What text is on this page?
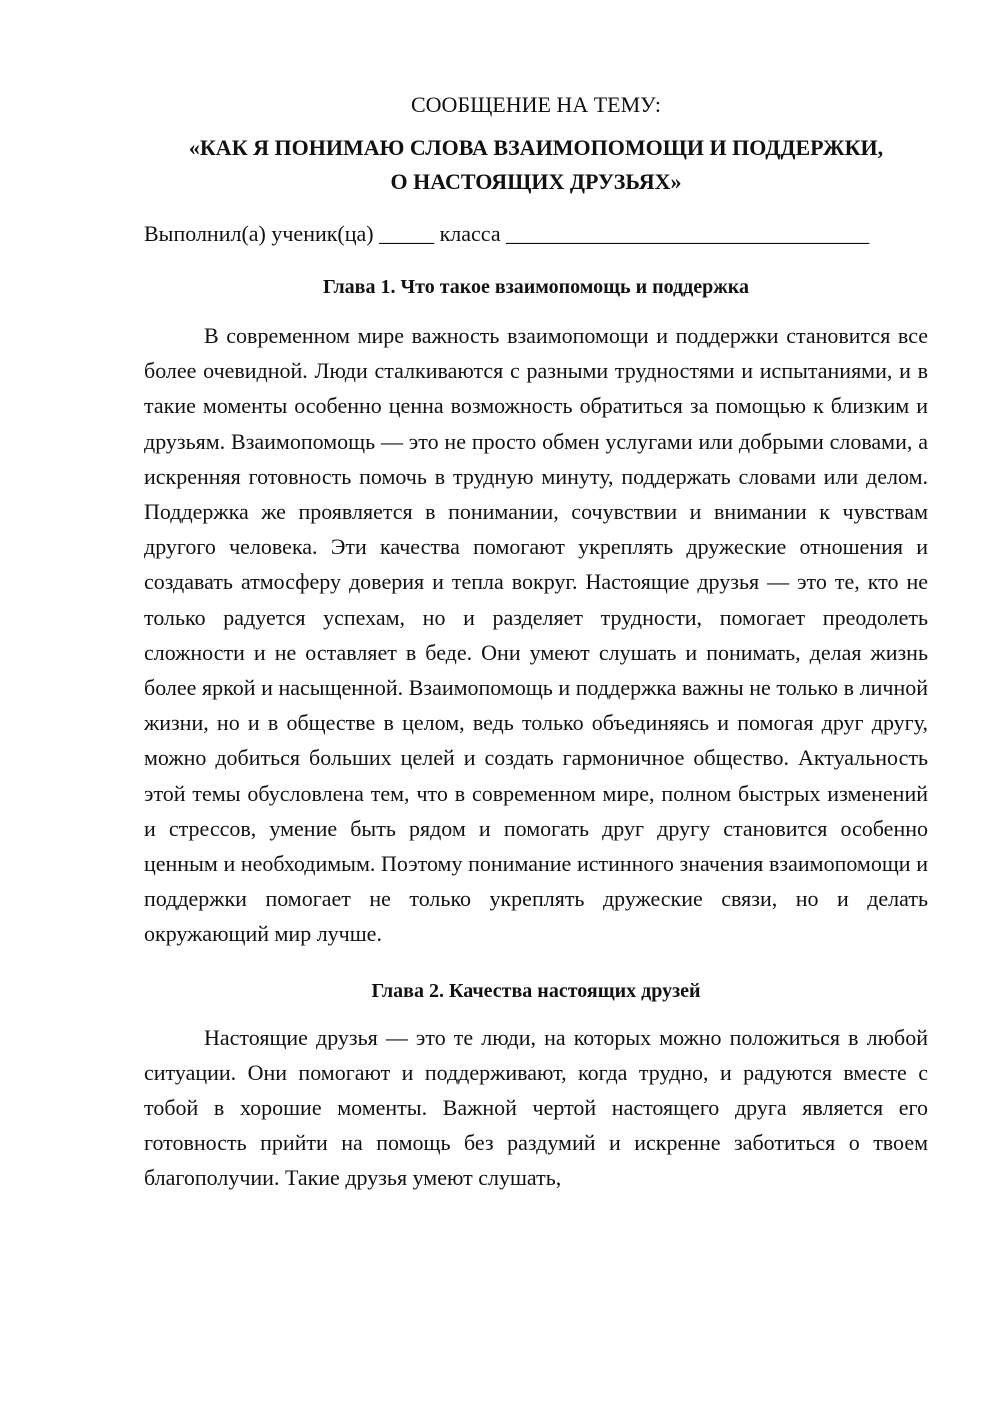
СООБЩЕНИЕ НА ТЕМУ:
«КАК Я ПОНИМАЮ СЛОВА ВЗАИМОПОМОЩИ И ПОДДЕРЖКИ,
О НАСТОЯЩИХ ДРУЗЬЯХ»
Выполнил(а) ученик(ца) _____ класса _________________________________
Глава 1. Что такое взаимопомощь и поддержка

В современном мире важность взаимопомощи и поддержки становится все более очевидной. Люди сталкиваются с разными трудностями и испытаниями, и в такие моменты особенно ценна возможность обратиться за помощью к близким и друзьям. Взаимопомощь — это не просто обмен услугами или добрыми словами, а искренняя готовность помочь в трудную минуту, поддержать словами или делом. Поддержка же проявляется в понимании, сочувствии и внимании к чувствам другого человека. Эти качества помогают укреплять дружеские отношения и создавать атмосферу доверия и тепла вокруг. Настоящие друзья — это те, кто не только радуется успехам, но и разделяет трудности, помогает преодолеть сложности и не оставляет в беде. Они умеют слушать и понимать, делая жизнь более яркой и насыщенной. Взаимопомощь и поддержка важны не только в личной жизни, но и в обществе в целом, ведь только объединяясь и помогая друг другу, можно добиться больших целей и создать гармоничное общество. Актуальность этой темы обусловлена тем, что в современном мире, полном быстрых изменений и стрессов, умение быть рядом и помогать друг другу становится особенно ценным и необходимым. Поэтому понимание истинного значения взаимопомощи и поддержки помогает не только укреплять дружеские связи, но и делать окружающий мир лучше.

Глава 2. Качества настоящих друзей

Настоящие друзья — это те люди, на которых можно положиться в любой ситуации. Они помогают и поддерживают, когда трудно, и радуются вместе с тобой в хорошие моменты. Важной чертой настоящего друга является его готовность прийти на помощь без раздумий и искренне заботиться о твоем благополучии. Такие друзья умеют слушать,
